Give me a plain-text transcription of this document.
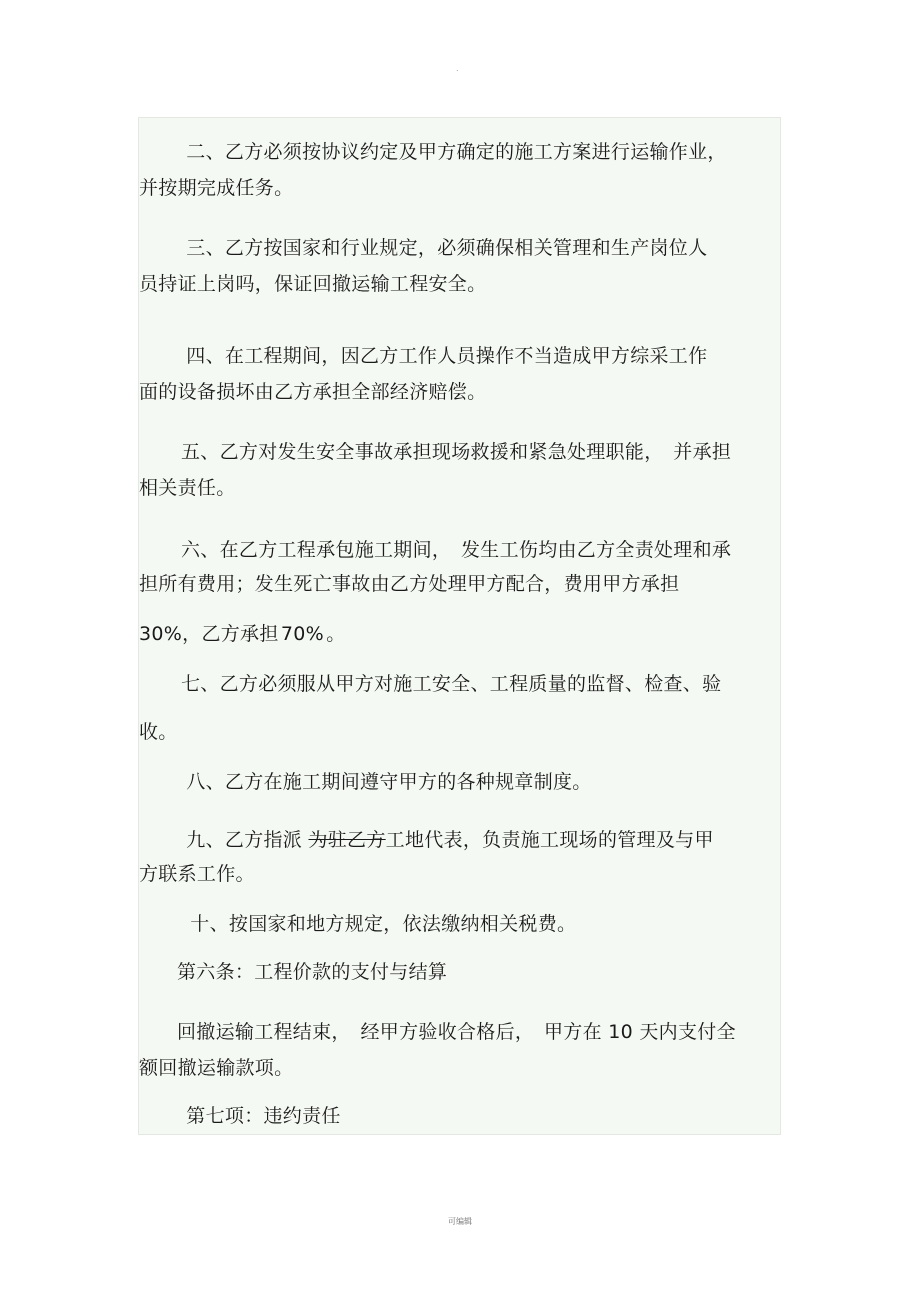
.
　二、乙方必须按协议约定及甲方确定的施工方案进行运输作业，
并按期完成任务。
　三、乙方按国家和行业规定，必须确保相关管理和生产岗位人
员持证上岗吗，保证回撤运输工程安全。
　四、在工程期间，因乙方工作人员操作不当造成甲方综采工作
面的设备损坏由乙方承担全部经济赔偿。
五、乙方对发生安全事故承担现场救援和紧急处理职能，　并承担
相关责任。
六、在乙方工程承包施工期间，　发生工伤均由乙方全责处理和承
担所有费用；发生死亡事故由乙方处理甲方配合，费用甲方承担
30%，乙方承担  70%  。
七、乙方必须服从甲方对施工安全、工程质量的监督、检查、验
收。
　八、乙方在施工期间遵守甲方的各种规章制度。
　九、乙方指派 为驻乙方工地代表，负责施工现场的管理及与甲
方联系工作。
　十、按国家和地方规定，依法缴纳相关税费。
第六条：工程价款的支付与结算
回撤运输工程结束，　经甲方验收合格后，　甲方在 10 天内支付全
额回撤运输款项。
　第七项：违约责任
可编辑
